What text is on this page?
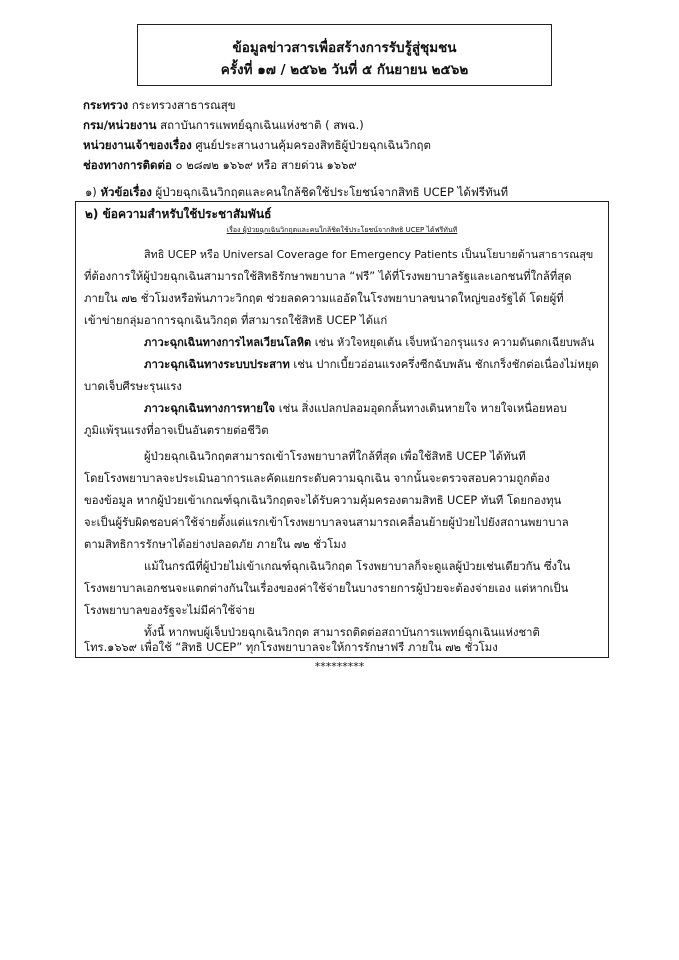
ข้อมูลข่าวสารเพื่อสร้างการรับรู้สู่ชุมชน
ครั้งที่ ๑๗ / ๒๕๖๒ วันที่ ๕ กันยายน ๒๕๖๒
กระทรวง กระทรวงสาธารณสุข
กรม/หน่วยงาน สถาบันการแพทย์ฉุกเฉินแห่งชาติ ( สพฉ.)
หน่วยงานเจ้าของเรื่อง ศูนย์ประสานงานคุ้มครองสิทธิผู้ป่วยฉุกเฉินวิกฤต
ช่องทางการติดต่อ ๐ ๒๘๗๒ ๑๖๖๙ หรือ สายด่วน ๑๖๖๙
๑) หัวข้อเรื่อง ผู้ป่วยฉุกเฉินวิกฤตและคนใกล้ชิดใช้ประโยชน์จากสิทธิ UCEP ได้ฟรีทันที
๒) ข้อความสำหรับใช้ประชาสัมพันธ์
เรื่อง ผู้ป่วยฉุกเฉินวิกฤตและคนใกล้ชิดใช้ประโยชน์จากสิทธิ UCEP ได้ฟรีทันที
สิทธิ UCEP หรือ Universal Coverage for Emergency Patients เป็นนโยบายด้านสาธารณสุข
ที่ต้องการให้ผู้ป่วยฉุกเฉินสามารถใช้สิทธิรักษาพยาบาล “ฟรี” ได้ที่โรงพยาบาลรัฐและเอกชนที่ใกล้ที่สุด
ภายใน ๗๒ ชั่วโมงหรือพ้นภาวะวิกฤต ช่วยลดความแออัดในโรงพยาบาลขนาดใหญ่ของรัฐได้ โดยผู้ที่
เข้าข่ายกลุ่มอาการฉุกเฉินวิกฤต ที่สามารถใช้สิทธิ UCEP ได้แก่
ภาวะฉุกเฉินทางการไหลเวียนโลหิต เช่น หัวใจหยุดเต้น เจ็บหน้าอกรุนแรง ความดันตกเฉียบพลัน
ภาวะฉุกเฉินทางระบบประสาท เช่น ปากเบี้ยวอ่อนแรงครึ่งซีกฉับพลัน ชักเกร็งชักต่อเนื่องไม่หยุด
บาดเจ็บศีรษะรุนแรง
ภาวะฉุกเฉินทางการหายใจ เช่น สิ่งแปลกปลอมอุดกลั้นทางเดินหายใจ หายใจเหนื่อยหอบ
ภูมิแพ้รุนแรงที่อาจเป็นอันตรายต่อชีวิต
ผู้ป่วยฉุกเฉินวิกฤตสามารถเข้าโรงพยาบาลที่ใกล้ที่สุด เพื่อใช้สิทธิ UCEP ได้ทันที
โดยโรงพยาบาลจะประเมินอาการและคัดแยกระดับความฉุกเฉิน จากนั้นจะตรวจสอบความถูกต้อง
ของข้อมูล หากผู้ป่วยเข้าเกณฑ์ฉุกเฉินวิกฤตจะได้รับความคุ้มครองตามสิทธิ UCEP ทันที โดยกองทุน
จะเป็นผู้รับผิดชอบค่าใช้จ่ายตั้งแต่แรกเข้าโรงพยาบาลจนสามารถเคลื่อนย้ายผู้ป่วยไปยังสถานพยาบาล
ตามสิทธิการรักษาได้อย่างปลอดภัย ภายใน ๗๒ ชั่วโมง
แม้ในกรณีที่ผู้ป่วยไม่เข้าเกณฑ์ฉุกเฉินวิกฤต โรงพยาบาลก็จะดูแลผู้ป่วยเช่นเดียวกัน ซึ่งใน
โรงพยาบาลเอกชนจะแตกต่างกันในเรื่องของค่าใช้จ่ายในบางรายการผู้ป่วยจะต้องจ่ายเอง แต่หากเป็น
โรงพยาบาลของรัฐจะไม่มีค่าใช้จ่าย
ทั้งนี้ หากพบผู้เจ็บป่วยฉุกเฉินวิกฤต สามารถติดต่อสถาบันการแพทย์ฉุกเฉินแห่งชาติ
โทร.๑๖๖๙ เพื่อใช้ “สิทธิ UCEP” ทุกโรงพยาบาลจะให้การรักษาฟรี ภายใน ๗๒ ชั่วโมง
*********
